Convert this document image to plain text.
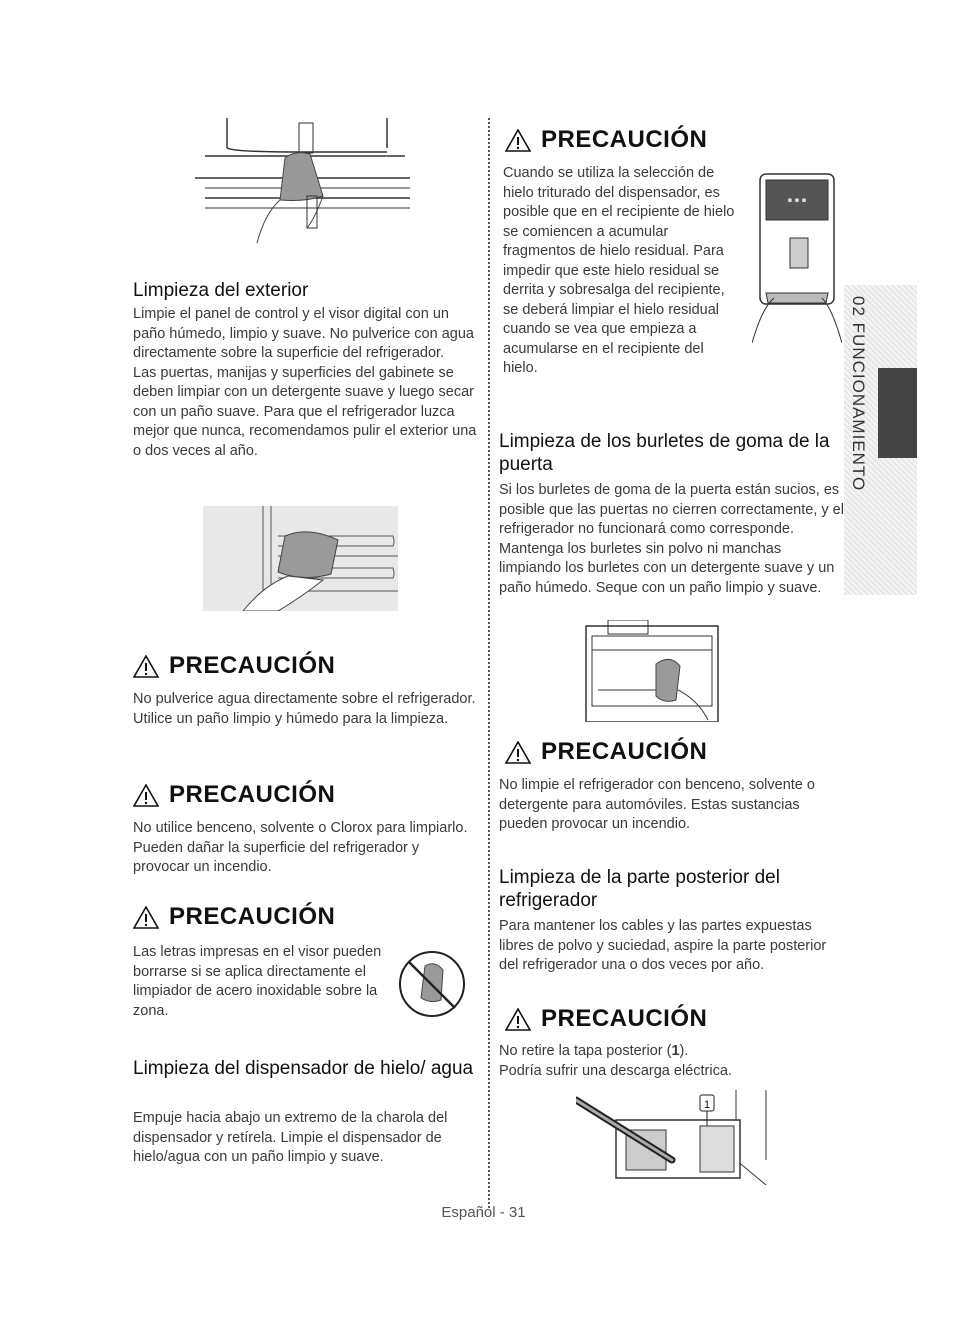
Limpieza del exterior

Limpie el panel de control y el visor digital con un paño húmedo, limpio y suave. No pulverice con agua directamente sobre la superficie del refrigerador.

Las puertas, manijas y superficies del gabinete se deben limpiar con un detergente suave y luego secar con un paño suave. Para que el refrigerador luzca mejor que nunca, recomendamos pulir el exterior una o dos veces al año.

PRECAUCIÓN

No pulverice agua directamente sobre el refrigerador. Utilice un paño limpio y húmedo para la limpieza.

PRECAUCIÓN

No utilice benceno, solvente o Clorox para limpiarlo. Pueden dañar la superficie del refrigerador y provocar un incendio.

PRECAUCIÓN

Las letras impresas en el visor pueden borrarse si se aplica directamente el limpiador de acero inoxidable sobre la zona.

Limpieza del dispensador de hielo/ agua

Empuje hacia abajo un extremo de la charola del dispensador y retírela. Limpie el dispensador de hielo/agua con un paño limpio y suave.

PRECAUCIÓN

Cuando se utiliza la selección de hielo triturado del dispensador, es posible que en el recipiente de hielo se comiencen a acumular fragmentos de hielo residual. Para impedir que este hielo residual se derrita y sobresalga del recipiente, se deberá limpiar el hielo residual cuando se vea que empieza a acumularse en el recipiente del hielo.

▪ ▪ ▪
Limpieza de los burletes de goma de la puerta

Si los burletes de goma de la puerta están sucios, es posible que las puertas no cierren correctamente, y el refrigerador no funcionará como corresponde. Mantenga los burletes sin polvo ni manchas limpiando los burletes con un detergente suave y un paño húmedo. Seque con un paño limpio y suave.

PRECAUCIÓN

No limpie el refrigerador con benceno, solvente o detergente para automóviles. Estas sustancias pueden provocar un incendio.

Limpieza de la parte posterior del refrigerador

Para mantener los cables y las partes expuestas libres de polvo y suciedad, aspire la parte posterior del refrigerador una o dos veces por año.

PRECAUCIÓN

No retire la tapa posterior (1).

Podría sufrir una descarga eléctrica.

1
02 FUNCIONAMIENTO
Español - 31
